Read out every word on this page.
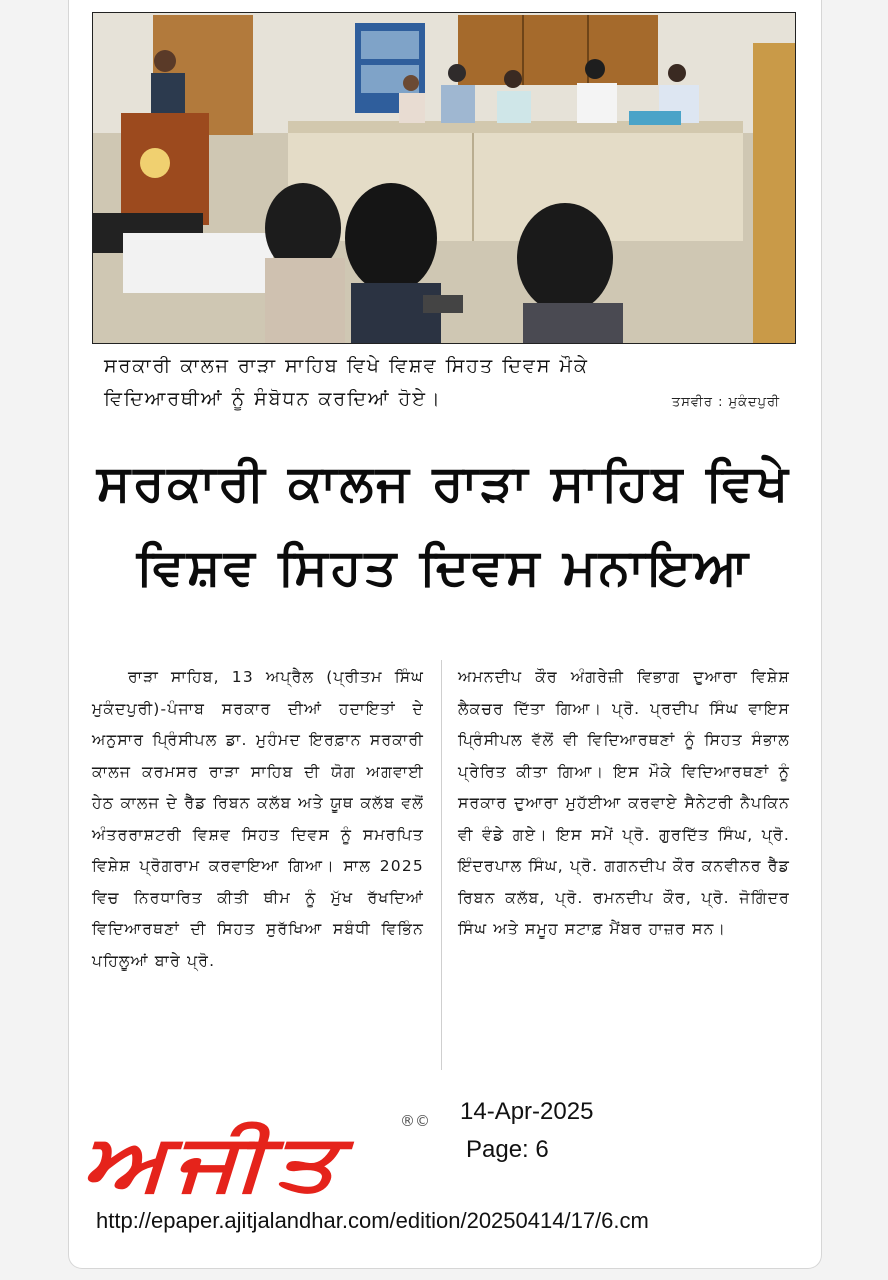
ਸਰਕਾਰੀ ਕਾਲਜ ਰਾੜਾ ਸਾਹਿਬ ਵਿਖੇ ਵਿਸ਼ਵ ਸਿਹਤ ਦਿਵਸ ਮੌਕੇ
ਵਿਦਿਆਰਥੀਆਂ ਨੂੰ ਸੰਬੋਧਨ ਕਰਦਿਆਂ ਹੋਏ।	ਤਸਵੀਰ : ਮੁਕੰਦਪੁਰੀ
ਸਰਕਾਰੀ ਕਾਲਜ ਰਾੜਾ ਸਾਹਿਬ ਵਿਖੇ
ਵਿਸ਼ਵ ਸਿਹਤ ਦਿਵਸ ਮਨਾਇਆ
ਰਾੜਾ ਸਾਹਿਬ, 13 ਅਪ੍ਰੈਲ (ਪ੍ਰੀਤਮ ਸਿੰਘ ਮੁਕੰਦਪੁਰੀ)-ਪੰਜਾਬ ਸਰਕਾਰ ਦੀਆਂ ਹਦਾਇਤਾਂ ਦੇ ਅਨੁਸਾਰ ਪ੍ਰਿੰਸੀਪਲ ਡਾ. ਮੁਹੰਮਦ ਇਰਫ਼ਾਨ ਸਰਕਾਰੀ ਕਾਲਜ ਕਰਮਸਰ ਰਾੜਾ ਸਾਹਿਬ ਦੀ ਯੋਗ ਅਗਵਾਈ ਹੇਠ ਕਾਲਜ ਦੇ ਰੈੱਡ ਰਿਬਨ ਕਲੱਬ ਅਤੇ ਯੂਥ ਕਲੱਬ ਵਲੋਂ ਅੰਤਰਰਾਸ਼ਟਰੀ ਵਿਸ਼ਵ ਸਿਹਤ ਦਿਵਸ ਨੂੰ ਸਮਰਪਿਤ ਵਿਸ਼ੇਸ਼ ਪ੍ਰੋਗਰਾਮ ਕਰਵਾਇਆ ਗਿਆ। ਸਾਲ 2025 ਵਿਚ ਨਿਰਧਾਰਿਤ ਕੀਤੀ ਥੀਮ ਨੂੰ ਮੁੱਖ ਰੱਖਦਿਆਂ ਵਿਦਿਆਰਥਣਾਂ ਦੀ ਸਿਹਤ ਸੁਰੱਖਿਆ ਸਬੰਧੀ ਵਿਭਿੰਨ ਪਹਿਲੂਆਂ ਬਾਰੇ ਪ੍ਰੋ.
ਅਮਨਦੀਪ ਕੌਰ ਅੰਗਰੇਜ਼ੀ ਵਿਭਾਗ ਦੁਆਰਾ ਵਿਸ਼ੇਸ਼ ਲੈਕਚਰ ਦਿੱਤਾ ਗਿਆ। ਪ੍ਰੋ. ਪ੍ਰਦੀਪ ਸਿੰਘ ਵਾਇਸ ਪ੍ਰਿੰਸੀਪਲ ਵੱਲੋਂ ਵੀ ਵਿਦਿਆਰਥਣਾਂ ਨੂੰ ਸਿਹਤ ਸੰਭਾਲ ਪ੍ਰੇਰਿਤ ਕੀਤਾ ਗਿਆ। ਇਸ ਮੌਕੇ ਵਿਦਿਆਰਥਣਾਂ ਨੂੰ ਸਰਕਾਰ ਦੁਆਰਾ ਮੁਹੱਈਆ ਕਰਵਾਏ ਸੈਨੇਟਰੀ ਨੈਪਕਿਨ ਵੀ ਵੰਡੇ ਗਏ। ਇਸ ਸਮੇਂ ਪ੍ਰੋ. ਗੁਰਦਿੱਤ ਸਿੰਘ, ਪ੍ਰੋ. ਇੰਦਰਪਾਲ ਸਿੰਘ, ਪ੍ਰੋ. ਗਗਨਦੀਪ ਕੌਰ ਕਨਵੀਨਰ ਰੈੱਡ ਰਿਬਨ ਕਲੱਬ, ਪ੍ਰੋ. ਰਮਨਦੀਪ ਕੌਰ, ਪ੍ਰੋ. ਜੋਗਿੰਦਰ ਸਿੰਘ ਅਤੇ ਸਮੂਹ ਸਟਾਫ਼ ਮੈਂਬਰ ਹਾਜ਼ਰ ਸਨ।
ਅਜੀਤ	®© 14-Apr-2025
Page: 6
http://epaper.ajitjalandhar.com/edition/20250414/17/6.cm
